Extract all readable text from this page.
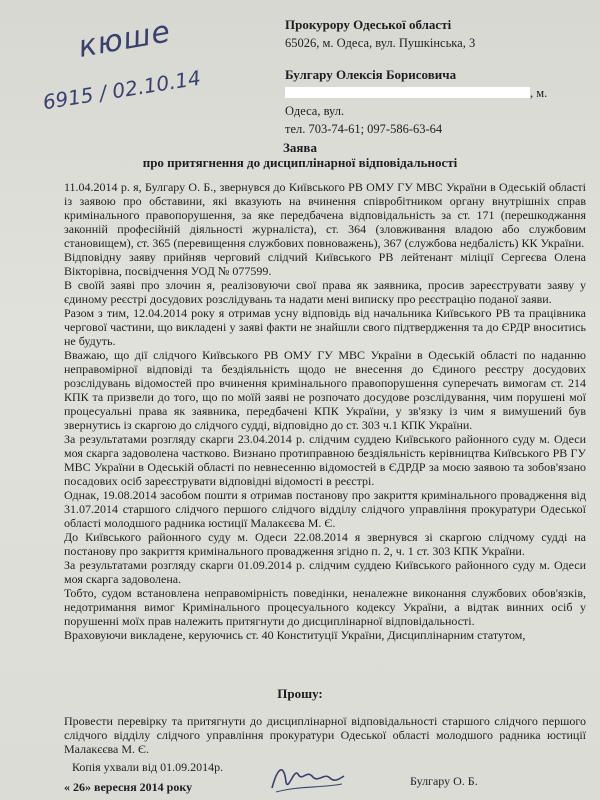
кюше
6915 / 02.10.14
Прокурору Одеської області
65026, м. Одеса, вул. Пушкінська, 3
Булгару Олексія Борисовича
, м. Одеса, вул.
тел. 703-74-61; 097-586-63-64
Заява
про притягнення до дисциплінарної відповідальності

11.04.2014 р. я, Булгару О. Б., звернувся до Київського РВ ОМУ ГУ МВС України в Одеській області із заявою про обставини, які вказують на вчинення співробітником органу внутрішніх справ кримінального правопорушення, за яке передбачена відповідальність за ст. 171 (перешкоджання законній професійній діяльності журналіста), ст. 364 (зловживання владою або службовим становищем), ст. 365 (перевищення службових повноважень), 367 (службова недбалість) КК України.

Відповідну заяву прийняв черговий слідчий Київського РВ лейтенант міліції Сергеєва Олена Вікторівна, посвідчення УОД № 077599.

В своїй заяві про злочин я, реалізовуючи свої права як заявника, просив зареєструвати заяву у єдиному реєстрі досудових розслідувань та надати мені виписку про реєстрацію поданої заяви.

Разом з тим, 12.04.2014 року я отримав усну відповідь від начальника Київського РВ та працівника чергової частини, що викладені у заяві факти не знайшли свого підтвердження та до ЄРДР вноситись не будуть.

Вважаю, що дії слідчого Київського РВ ОМУ ГУ МВС України в Одеській області по наданню неправомірної відповіді та бездіяльність щодо не внесення до Єдиного реєстру досудових розслідувань відомостей про вчинення кримінального правопорушення суперечать вимогам ст. 214 КПК та призвели до того, що по моїй заяві не розпочато досудове розслідування, чим порушені мої процесуальні права як заявника, передбачені КПК України, у зв'язку із чим я вимушений був звернутись із скаргою до слідчого судді, відповідно до ст. 303 ч.1 КПК України.

За результатами розгляду скарги 23.04.2014 р. слідчим суддею Київського районного суду м. Одеси моя скарга задоволена частково. Визнано протиправною бездіяльність керівництва Київського РВ ГУ МВС України в Одеській області по невнесенню відомостей в ЄДРДР за моєю заявою та зобов'язано посадових осіб зареєструвати відповідні відомості в реєстрі.

Однак, 19.08.2014 засобом пошти я отримав постанову про закриття кримінального провадження від 31.07.2014 старшого слідчого першого слідчого відділу слідчого управління прокуратури Одеської області молодшого радника юстиції Малакєєва М. Є.

До Київського районного суду м. Одеси 22.08.2014 я звернувся зі скаргою слідчому судді на постанову про закриття кримінального провадження згідно п. 2, ч. 1 ст. 303 КПК України.

За результатами розгляду скарги 01.09.2014 р. слідчим суддею Київського районного суду м. Одеси моя скарга задоволена.

Тобто, судом встановлена неправомірність поведінки, неналежне виконання службових обов'язків, недотримання вимог Кримінального процесуального кодексу України, а відтак винних осіб у порушенні моїх прав належить притягнути до дисциплінарної відповідальності.

Враховуючи викладене, керуючись ст. 40 Конституції України, Дисциплінарним статутом,

Прошу:
Провести перевірку та притягнути до дисциплінарної відповідальності старшого слідчого першого слідчого відділу слідчого управління прокуратури Одеської області молодшого радника юстиції Малакєєва М. Є.
Копія ухвали від 01.09.2014р.
« 26» вересня 2014 року	Булгару О. Б.
